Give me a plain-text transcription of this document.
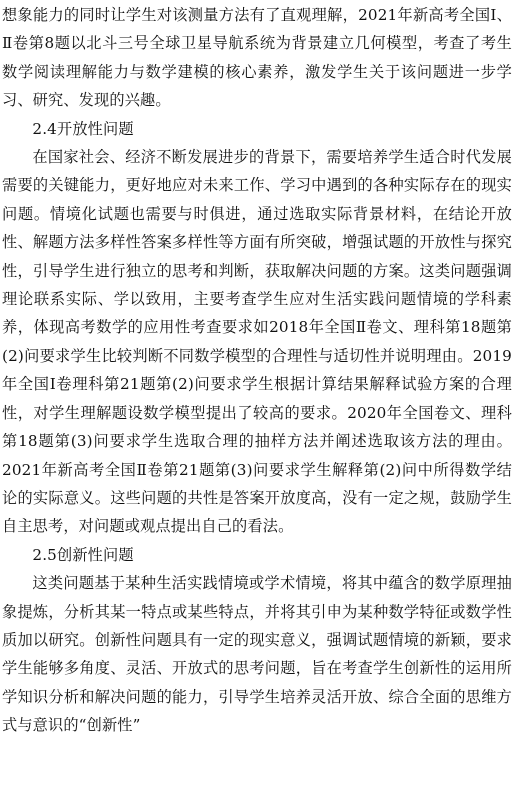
想象能力的同时让学生对该测量方法有了直观理解，2021年新高考全国Ⅰ、Ⅱ卷第8题以北斗三号全球卫星导航系统为背景建立几何模型，考查了考生数学阅读理解能力与数学建模的核心素养，激发学生关于该问题进一步学习、研究、发现的兴趣。

2.4开放性问题

在国家社会、经济不断发展进步的背景下，需要培养学生适合时代发展需要的关键能力，更好地应对未来工作、学习中遇到的各种实际存在的现实问题。情境化试题也需要与时俱进，通过选取实际背景材料，在结论开放性、解题方法多样性答案多样性等方面有所突破，增强试题的开放性与探究性，引导学生进行独立的思考和判断，获取解决问题的方案。这类问题强调理论联系实际、学以致用，主要考查学生应对生活实践问题情境的学科素养，体现高考数学的应用性考查要求如2018年全国Ⅱ卷文、理科第18题第(2)问要求学生比较判断不同数学模型的合理性与适切性并说明理由。2019年全国Ⅰ卷理科第21题第(2)问要求学生根据计算结果解释试验方案的合理性，对学生理解题设数学模型提出了较高的要求。2020年全国卷文、理科第18题第(3)问要求学生选取合理的抽样方法并阐述选取该方法的理由。2021年新高考全国Ⅱ卷第21题第(3)问要求学生解释第(2)问中所得数学结论的实际意义。这些问题的共性是答案开放度高，没有一定之规，鼓励学生自主思考，对问题或观点提出自己的看法。

2.5创新性问题

这类问题基于某种生活实践情境或学术情境，将其中蕴含的数学原理抽象提炼，分析其某一特点或某些特点，并将其引申为某种数学特征或数学性质加以研究。创新性问题具有一定的现实意义，强调试题情境的新颖，要求学生能够多角度、灵活、开放式的思考问题，旨在考查学生创新性的运用所学知识分析和解决问题的能力，引导学生培养灵活开放、综合全面的思维方式与意识的“创新性”
